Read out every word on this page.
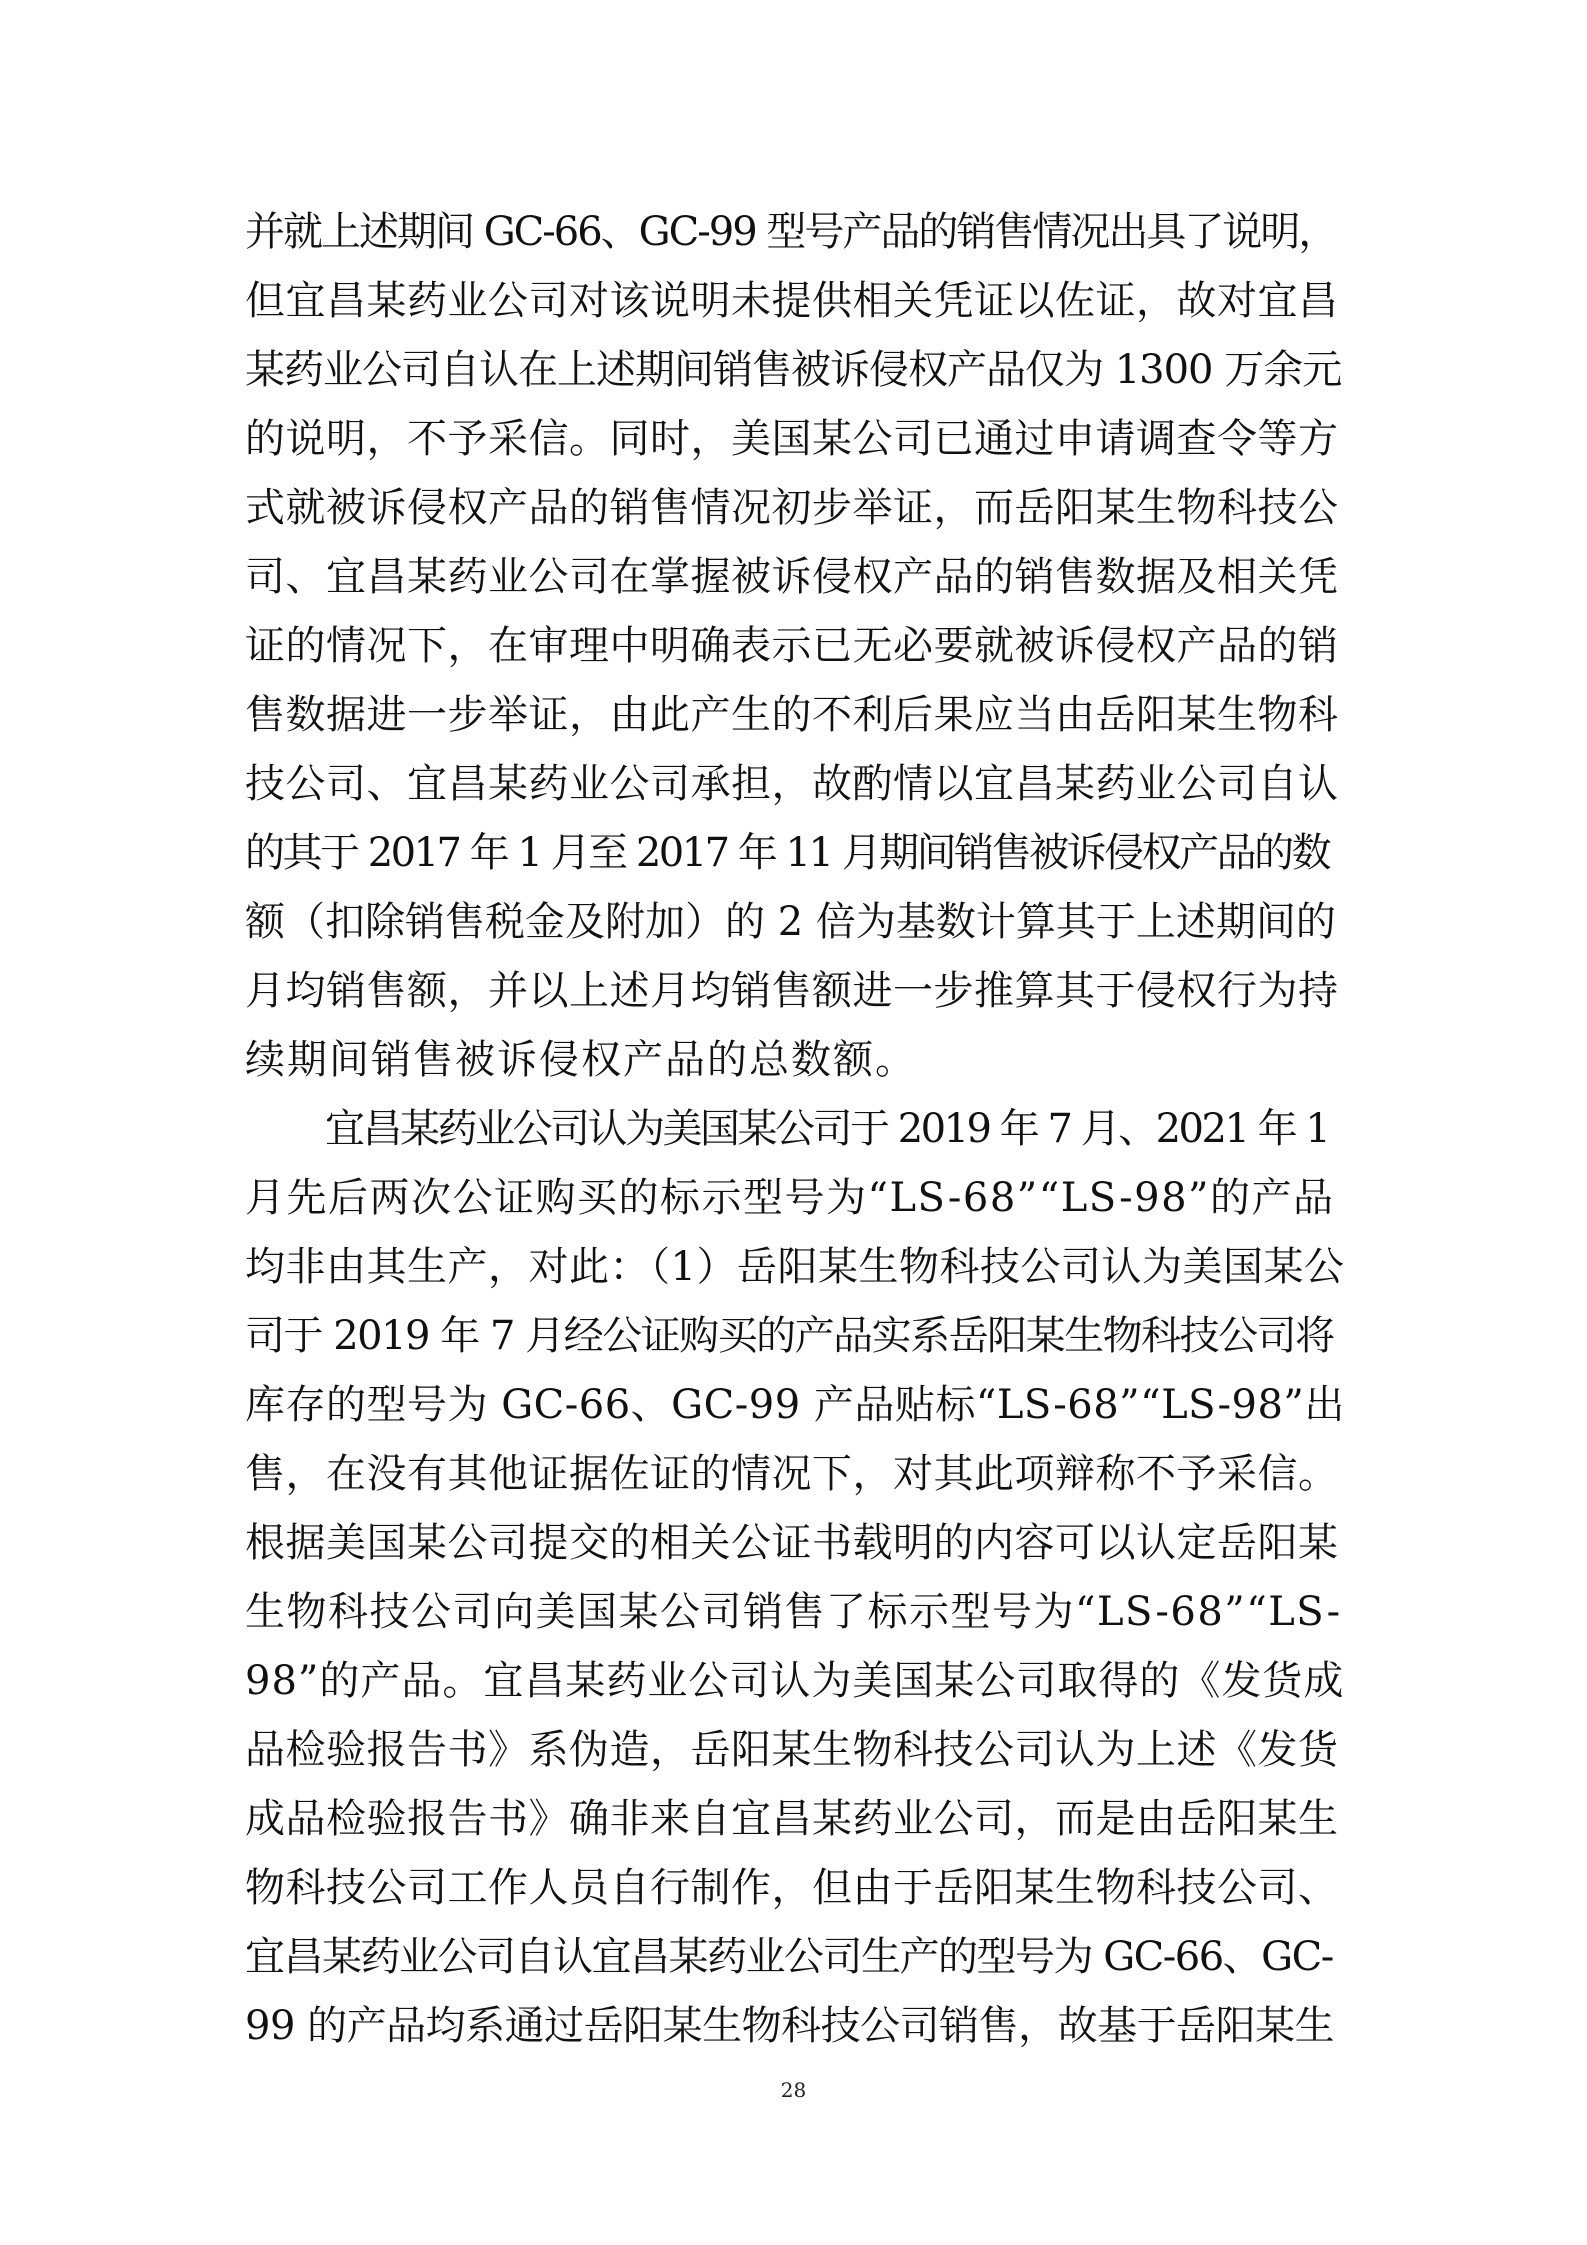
并就上述期间 GC-66、GC-99 型号产品的销售情况出具了说明，
但宜昌某药业公司对该说明未提供相关凭证以佐证，故对宜昌
某药业公司自认在上述期间销售被诉侵权产品仅为 1300 万余元
的说明，不予采信。同时，美国某公司已通过申请调查令等方
式就被诉侵权产品的销售情况初步举证，而岳阳某生物科技公
司、宜昌某药业公司在掌握被诉侵权产品的销售数据及相关凭
证的情况下，在审理中明确表示已无必要就被诉侵权产品的销
售数据进一步举证，由此产生的不利后果应当由岳阳某生物科
技公司、宜昌某药业公司承担，故酌情以宜昌某药业公司自认
的其于 2017 年 1 月至 2017 年 11 月期间销售被诉侵权产品的数
额（扣除销售税金及附加）的 2 倍为基数计算其于上述期间的
月均销售额，并以上述月均销售额进一步推算其于侵权行为持
续期间销售被诉侵权产品的总数额。
宜昌某药业公司认为美国某公司于 2019 年 7 月、2021 年 1
月先后两次公证购买的标示型号为“LS-68”“LS-98”的产品
均非由其生产，对此：（1）岳阳某生物科技公司认为美国某公
司于 2019 年 7 月经公证购买的产品实系岳阳某生物科技公司将
库存的型号为 GC-66、GC-99 产品贴标“LS-68”“LS-98”出
售，在没有其他证据佐证的情况下，对其此项辩称不予采信。
根据美国某公司提交的相关公证书载明的内容可以认定岳阳某
生物科技公司向美国某公司销售了标示型号为“LS-68”“LS-
98”的产品。宜昌某药业公司认为美国某公司取得的《发货成
品检验报告书》系伪造，岳阳某生物科技公司认为上述《发货
成品检验报告书》确非来自宜昌某药业公司，而是由岳阳某生
物科技公司工作人员自行制作，但由于岳阳某生物科技公司、
宜昌某药业公司自认宜昌某药业公司生产的型号为 GC-66、GC-
99 的产品均系通过岳阳某生物科技公司销售，故基于岳阳某生
28
